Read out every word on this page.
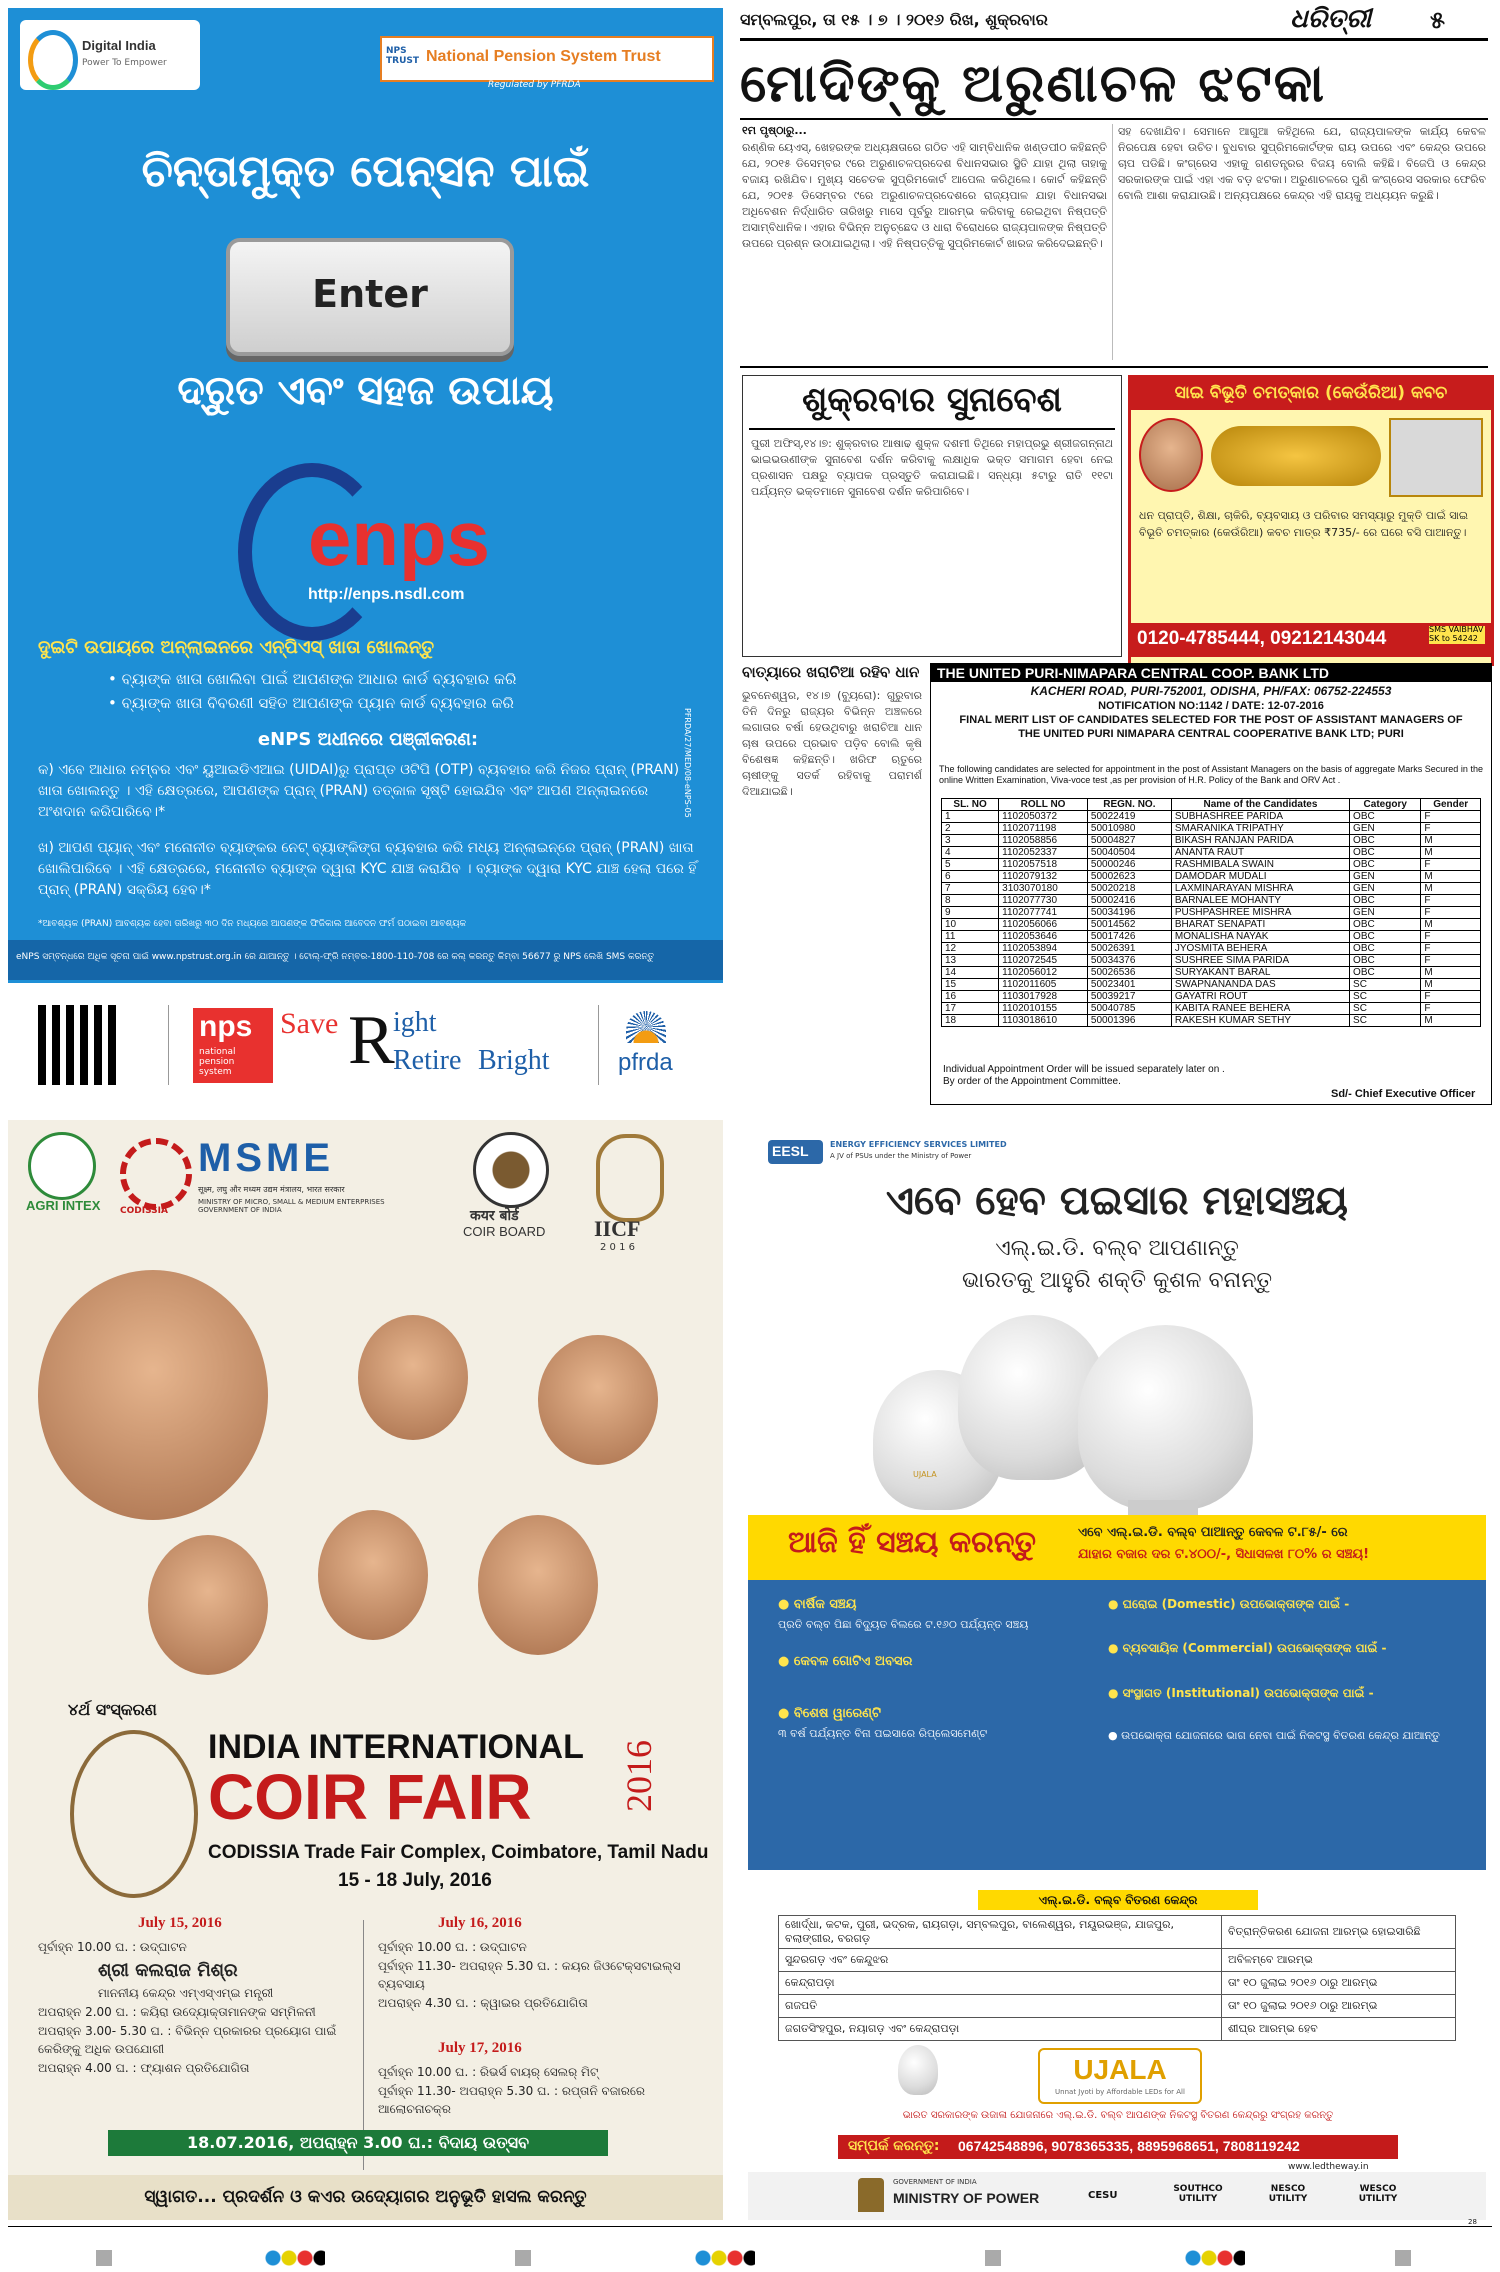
Digital India
Power To Empower
NPS TRUST National Pension System Trust
Regulated by PFRDA
ଚିନ୍ତାମୁକ୍ତ ପେନ୍‌ସନ ପାଇଁ
Enter
ଦ୍ରୁତ ଏବଂ ସହଜ ଉପାୟ
enps
http://enps.nsdl.com
ଦୁଇଟି ଉପାୟରେ ଅନ୍‌ଲାଇନରେ ଏନ୍‌ପିଏସ୍ ଖାତା ଖୋଲନ୍ତୁ
• ବ୍ୟାଙ୍କ ଖାତା ଖୋଲିବା ପାଇଁ ଆପଣଙ୍କ ଆଧାର କାର୍ଡ ବ୍ୟବହାର କରି
• ବ୍ୟାଙ୍କ ଖାତା ବିବରଣୀ ସହିତ ଆପଣଙ୍କ ପ୍ୟାନ କାର୍ଡ ବ୍ୟବହାର କରି
eNPS ଅଧୀନରେ ପଞ୍ଜୀକରଣ:
କ) ଏବେ ଆଧାର ନମ୍ବର ଏବଂ ୟୁଆଇଡିଏଆଇ (UIDAI)ରୁ ପ୍ରାପ୍ତ ଓଟିପି (OTP) ବ୍ୟବହାର କରି ନିଜର ପ୍ରାନ୍ (PRAN) ଖାତା ଖୋଲନ୍ତୁ । ଏହି କ୍ଷେତ୍ରରେ, ଆପଣଙ୍କ ପ୍ରାନ୍ (PRAN) ତତ୍କାଳ ସୃଷ୍ଟି ହୋଇଯିବ ଏବଂ ଆପଣ ଅନ୍‌ଲାଇନରେ ଅଂଶଦାନ କରିପାରିବେ।*
ଖ) ଆପଣ ପ୍ୟାନ୍ ଏବଂ ମନୋନୀତ ବ୍ୟାଙ୍କର ନେଟ୍ ବ୍ୟାଙ୍କିଙ୍ଗ ବ୍ୟବହାର କରି ମଧ୍ୟ ଅନ୍‌ଲାଇନ୍‌ରେ ପ୍ରାନ୍ (PRAN) ଖାତା ଖୋଲିପାରିବେ । ଏହି କ୍ଷେତ୍ରରେ, ମନୋନୀତ ବ୍ୟାଙ୍କ ଦ୍ୱାରା KYC ଯାଞ୍ଚ କରାଯିବ । ବ୍ୟାଙ୍କ ଦ୍ୱାରା KYC ଯାଞ୍ଚ ହେଲା ପରେ ହିଁ ପ୍ରାନ୍ (PRAN) ସକ୍ରିୟ ହେବ।*
*ଆବଶ୍ୟକ (PRAN) ଆବଶ୍ୟକ ହେବା ତାରିଖରୁ ୩୦ ଦିନ ମଧ୍ୟରେ ଆପଣଙ୍କ ଫିଜିକାଲ ଆବେଦନ ଫର୍ମ ପଠାଇବା ଆବଶ୍ୟକ
PFRDA/27/MED/08-eNPS-05
eNPS ସମ୍ବନ୍ଧରେ ଅଧିକ ସୂଚନା ପାଇଁ www.npstrust.org.in ରେ ଯାଆନ୍ତୁ । ଟୋଲ୍-ଫ୍ରି ନମ୍ବର-1800-110-708 ରେ କଲ୍ କରନ୍ତୁ କିମ୍ବା 56677 ରୁ NPS ଲେଖି SMS କରନ୍ତୁ
nps
national pension system
Save R
ight
Retire Bright	pfrda
ସମ୍ବଲପୁର, ତା ୧୫ । ୭ । ୨୦୧୬ ରିଖ, ଶୁକ୍ରବାର	ଧରିତ୍ରୀ ୫
ମୋଦିଙ୍କୁ ଅରୁଣାଚଳ ଝଟକା
୧ମ ପୃଷ୍ଠାରୁ...
ରଣ୍ଣିକ ୟେଏସ୍, ଖେହରଙ୍କ ଅଧ୍ୟକ୍ଷତାରେ ଗଠିତ ଏହି ସାମ୍ବିଧାନିକ ଖଣ୍ଡପୀଠ କହିଛନ୍ତି ଯେ, ୨୦୧୫ ଡିସେମ୍ବର ୯ରେ ଅରୁଣାଚଳପ୍ରଦେଶ ବିଧାନସଭାର ସ୍ଥିତି ଯାହା ଥିଲା ତାହାକୁ ବଜାୟ ରଖିଯିବ। ମୁଖ୍ୟ ସଚେତକ ସୁପ୍ରିମକୋର୍ଟ ଆପେଲ କରିଥିଲେ। କୋର୍ଟ କହିଛନ୍ତି ଯେ, ୨୦୧୫ ଡିସେମ୍ବର ୯ରେ ଅରୁଣାଚଳପ୍ରଦେଶରେ ରାଜ୍ୟପାଳ ଯାହା ବିଧାନସଭା ଅଧିବେଶନ ନିର୍ଦ୍ଧାରିତ ତାରିଖରୁ ମାସେ ପୂର୍ବରୁ ଆରମ୍ଭ କରିବାକୁ ରେଇଥିବା ନିଷ୍ପତ୍ତି ଅସାମ୍ବିଧାନିକ। ଏହାର ବିଭିନ୍ନ ଅନୁଚ୍ଛେଦ ଓ ଧାରା ବିରୋଧରେ ରାଜ୍ୟପାଳଙ୍କ ନିଷ୍ପତ୍ତି ଉପରେ ପ୍ରଶ୍ନ ଉଠାଯାଇଥିଲା। ଏହି ନିଷ୍ପତ୍ତିକୁ ସୁପ୍ରିମକୋର୍ଟ ଖାରଜ କରିଦେଇଛନ୍ତି।
ସହ ଦେଖାଯିବ। ସେମାନେ ଆଗୁଆ କହିଥିଲେ ଯେ, ରାଜ୍ୟପାଳଙ୍କ କାର୍ଯ୍ୟ କେବଳ ନିରପେକ୍ଷ ହେବା ଉଚିତ। ବୁଧବାର ସୁପ୍ରିମକୋର୍ଟଙ୍କ ରାୟ ଉପରେ ଏବଂ କେନ୍ଦ୍ର ଉପରେ ଚାପ ପଡିଛି। କଂଗ୍ରେସ ଏହାକୁ ଗଣତନ୍ତ୍ରର ବିଜୟ ବୋଲି କହିଛି। ବିଜେପି ଓ କେନ୍ଦ୍ର ସରକାରଙ୍କ ପାଇଁ ଏହା ଏକ ବଡ଼ ଝଟକା। ଅରୁଣାଚଳରେ ପୁଣି କଂଗ୍ରେସ ସରକାର ଫେରିବ ବୋଲି ଆଶା କରାଯାଉଛି। ଅନ୍ୟପକ୍ଷରେ କେନ୍ଦ୍ର ଏହି ରାୟକୁ ଅଧ୍ୟୟନ କରୁଛି।
ଶୁକ୍ରବାର ସୁନାବେଶ
ପୁରୀ ଅଫିସ୍,୧୪।୭: ଶୁକ୍ରବାର ଆଷାଢ ଶୁକ୍ଳ ଦଶମୀ ତିଥିରେ ମହାପ୍ରଭୁ ଶ୍ରୀଜଗନ୍ନାଥ ଭାଇଭଉଣୀଙ୍କ ସୁନାବେଶ ଦର୍ଶନ କରିବାକୁ ଲକ୍ଷାଧିକ ଭକ୍ତ ସମାଗମ ହେବା ନେଇ ପ୍ରଶାସନ ପକ୍ଷରୁ ବ୍ୟାପକ ପ୍ରସ୍ତୁତି କରାଯାଇଛି। ସନ୍ଧ୍ୟା ୫ଟାରୁ ରାତି ୧୧ଟା ପର୍ଯ୍ୟନ୍ତ ଭକ୍ତମାନେ ସୁନାବେଶ ଦର୍ଶନ କରିପାରିବେ।
ସାଇ ବିଭୂତି ଚମତ୍କାର (କେଉଁରିଆ) କବଚ
ଧନ ପ୍ରାପ୍ତି, ଶିକ୍ଷା, ଚାକିରି, ବ୍ୟବସାୟ ଓ ପରିବାର ସମସ୍ୟାରୁ ମୁକ୍ତି ପାଇଁ ସାଇ ବିଭୂତି ଚମତ୍କାର (କେଉଁରିଆ) କବଚ ମାତ୍ର ₹735/- ରେ ଘରେ ବସି ପାଆନ୍ତୁ।
0120-4785444, 09212143044	SMS VAIBHAV SK to 54242
ବାତ୍ୟାରେ ଖରାଚିଆ ରହିବ ଧାନ
ଭୁବନେଶ୍ୱର, ୧୪।୭ (ବ୍ୟୁରୋ): ଗୁରୁବାର ତିନି ଦିନରୁ ରାଜ୍ୟର ବିଭିନ୍ନ ଅଞ୍ଚଳରେ ଲଗାତାର ବର୍ଷା ହେଉଥିବାରୁ ଖରାଚିଆ ଧାନ ଚାଷ ଉପରେ ପ୍ରଭାବ ପଡ଼ିବ ବୋଲି କୃଷି ବିଶେଷଜ୍ଞ କହିଛନ୍ତି। ଖରିଫ ଋତୁରେ ଚାଷୀଙ୍କୁ ସତର୍କ ରହିବାକୁ ପରାମର୍ଶ ଦିଆଯାଇଛି।
THE UNITED PURI-NIMAPARA CENTRAL COOP. BANK LTD
KACHERI ROAD, PURI-752001, ODISHA, PH/FAX: 06752-224553
NOTIFICATION NO:1142 / DATE: 12-07-2016
FINAL MERIT LIST OF CANDIDATES SELECTED FOR THE POST OF ASSISTANT MANAGERS OF THE UNITED PURI NIMAPARA CENTRAL COOPERATIVE BANK LTD; PURI
The following candidates are selected for appointment in the post of Assistant Managers on the basis of aggregate Marks Secured in the online Written Examination, Viva-voce test ,as per provision of H.R. Policy of the Bank and ORV Act .
SL. NO	ROLL NO	REGN. NO.	Name of the Candidates	Category	Gender
1	1102050372	50022419	SUBHASHREE PARIDA	OBC	F
2	1102071198	50010980	SMARANIKA TRIPATHY	GEN	F
3	1102058856	50004827	BIKASH RANJAN PARIDA	OBC	M
4	1102052337	50040504	ANANTA RAUT	OBC	M
5	1102057518	50000246	RASHMIBALA SWAIN	OBC	F
6	1102079132	50002623	DAMODAR MUDALI	GEN	M
7	3103070180	50020218	LAXMINARAYAN MISHRA	GEN	M
8	1102077730	50002416	BARNALEE MOHANTY	OBC	F
9	1102077741	50034196	PUSHPASHREE MISHRA	GEN	F
10	1102056066	50014562	BHARAT SENAPATI	OBC	M
11	1102053646	50017426	MONALISHA NAYAK	OBC	F
12	1102053894	50026391	JYOSMITA BEHERA	OBC	F
13	1102072545	50034376	SUSHREE SIMA PARIDA	OBC	F
14	1102056012	50026536	SURYAKANT BARAL	OBC	M
15	1102011605	50023401	SWAPNANANDA DAS	SC	M
16	1103017928	50039217	GAYATRI ROUT	SC	F
17	1102010155	50040785	KABITA RANEE BEHERA	SC	F
18	1103018610	50001396	RAKESH KUMAR SETHY	SC	M
Individual Appointment Order will be issued separately later on .
By order of the Appointment Committee.
Sd/- Chief Executive Officer
AGRI INTEX CODISSIA
MSME
सूक्ष्म, लघु और मध्यम उद्यम मंत्रालय, भारत सरकार
MINISTRY OF MICRO, SMALL & MEDIUM ENTERPRISES GOVERNMENT OF INDIA	कयर बोर्ड
COIR BOARD IICF
2 0 1 6
୪ର୍ଥ ସଂସ୍କରଣ
INDIA INTERNATIONAL
COIR FAIR	2016
CODISSIA Trade Fair Complex, Coimbatore, Tamil Nadu
15 - 18 July, 2016
July 15, 2016
ପୂର୍ବାହ୍ନ 10.00 ଘ. : ଉଦ୍‌ଘାଟନ
ଶ୍ରୀ କଲରାଜ ମିଶ୍ର
ମାନନୀୟ କେନ୍ଦ୍ର ଏମ୍‌ଏସ୍‌ଏମ୍‌ଇ ମନ୍ତ୍ରୀ
ଅପରାହ୍ନ 2.00 ଘ. : କୟିରା ଉଦ୍ୟୋକ୍ତାମାନଙ୍କ ସମ୍ମିଳନୀ
ଅପରାହ୍ନ 3.00- 5.30 ଘ. : ବିଭିନ୍ନ ପ୍ରକାରର ପ୍ରୟୋଗ ପାଇଁ କେରିଙ୍କୁ ଅଧିକ ଉପଯୋଗୀ
ଅପରାହ୍ନ 4.00 ଘ. : ଫ୍ୟାଶନ ପ୍ରତିଯୋଗିତା
July 16, 2016
ପୂର୍ବାହ୍ନ 10.00 ଘ. : ଉଦ୍‌ଘାଟନ
ପୂର୍ବାହ୍ନ 11.30- ଅପରାହ୍ନ 5.30 ଘ. : କୟର ଜିଓଟେକ୍ସଟାଇଲ୍‌ସ ବ୍ୟବସାୟ
ଅପରାହ୍ନ 4.30 ଘ. : କ୍ୱାଇର ପ୍ରତିଯୋଗିତା
July 17, 2016
ପୂର୍ବାହ୍ନ 10.00 ଘ. : ରିଭର୍ସ ବାୟର୍ ସେଲର୍ ମିଟ୍
ପୂର୍ବାହ୍ନ 11.30- ଅପରାହ୍ନ 5.30 ଘ. : ରପ୍ତାନି ବଜାରରେ ଆଲୋଚନାଚକ୍ର
18.07.2016, ଅପରାହ୍ନ 3.00 ଘ.: ବିଦାୟ ଉତ୍ସବ
ସ୍ୱାଗତ... ପ୍ରଦର୍ଶନ ଓ କଏର ଉଦ୍ୟୋଗର ଅନୁଭୂତି ହାସଲ କରନ୍ତୁ
EESL	ENERGY EFFICIENCY SERVICES LIMITED
A JV of PSUs under the Ministry of Power
ଏବେ ହେବ ପଇସାର ମହାସଞ୍ଚୟ
ଏଲ୍.ଇ.ଡି. ବଲ୍‌ବ ଆପଣାନ୍ତୁ
ଭାରତକୁ ଆହୁରି ଶକ୍ତି କୁଶଳ ବନାନ୍ତୁ
UJALA
ଆଜି ହିଁ ସଞ୍ଚୟ କରନ୍ତୁ	ଏବେ ଏଲ୍.ଇ.ଡି. ବଲ୍‌ବ ପାଆନ୍ତୁ କେବଳ ଟ.୮୫/- ରେ
ଯାହାର ବଜାର ଦର ଟ.୪୦୦/-, ସିଧାସଳଖ ୮୦% ର ସଞ୍ଚୟ!
● ବାର୍ଷିକ ସଞ୍ଚୟ
ପ୍ରତି ବଲ୍‌ବ ପିଛା ବିଦ୍ୟୁତ ବିଲରେ ଟ.୧୬୦ ପର୍ଯ୍ୟନ୍ତ ସଞ୍ଚୟ
● କେବଳ ଗୋଟିଏ ଅବସର
● ବିଶେଷ ୱାରେଣ୍ଟି
୩ ବର୍ଷ ପର୍ଯ୍ୟନ୍ତ ବିନା ପଇସାରେ ରିପ୍ଲେସମେଣ୍ଟ
● ଘରୋଇ (Domestic) ଉପଭୋକ୍ତାଙ୍କ ପାଇଁ -
● ବ୍ୟବସାୟିକ (Commercial) ଉପଭୋକ୍ତାଙ୍କ ପାଇଁ -
● ସଂସ୍ଥାଗତ (Institutional) ଉପଭୋକ୍ତାଙ୍କ ପାଇଁ -
● ଉପଭୋକ୍ତା ଯୋଜନାରେ ଭାଗ ନେବା ପାଇଁ ନିକଟସ୍ଥ ବିତରଣ କେନ୍ଦ୍ର ଯାଆନ୍ତୁ
ଏଲ୍.ଇ.ଡି. ବଲ୍‌ବ ବିତରଣ କେନ୍ଦ୍ର
ଖୋର୍ଦ୍ଧା, କଟକ, ପୁରୀ, ଭଦ୍ରକ, ରାୟଗଡ଼ା, ସମ୍ବଲପୁର, ବାଲେଶ୍ୱର, ମୟୂରଭଞ୍ଜ, ଯାଜପୁର, ବଲାଙ୍ଗୀର, ବରଗଡ଼	ବିତ୍ରାନ୍ତିକରଣ ଯୋଜନା ଆରମ୍ଭ ହୋଇସାରିଛି
ସୁନ୍ଦରଗଡ଼ ଏବଂ କେନ୍ଦୁଝର	ଅବିଳମ୍ବେ ଆରମ୍ଭ
କେନ୍ଦ୍ରାପଡ଼ା	ତାଂ ୧୦ ଜୁଲାଇ ୨୦୧୬ ଠାରୁ ଆରମ୍ଭ
ଗଜପତି	ତାଂ ୧୦ ଜୁଲାଇ ୨୦୧୬ ଠାରୁ ଆରମ୍ଭ
ଜଗତସିଂହପୁର, ନୟାଗଡ଼ ଏବଂ କେନ୍ଦ୍ରାପଡ଼ା	ଶୀଘ୍ର ଆରମ୍ଭ ହେବ
UJALA
Unnat Jyoti by Affordable LEDs for All
ଭାରତ ସରକାରଙ୍କ ଉଜାଳା ଯୋଜନାରେ ଏଲ୍.ଇ.ଡି. ବଲ୍‌ବ ଆପଣଙ୍କ ନିକଟସ୍ଥ ବିତରଣ କେନ୍ଦ୍ରରୁ ସଂଗ୍ରହ କରନ୍ତୁ
ସମ୍ପର୍କ କରନ୍ତୁ: 06742548896, 9078365335, 8895968651, 7808119242
www.ledtheway.in
GOVERNMENT OF INDIA
MINISTRY OF POWER	CESU
SOUTHCO UTILITY
NESCO UTILITY
WESCO UTILITY
28
